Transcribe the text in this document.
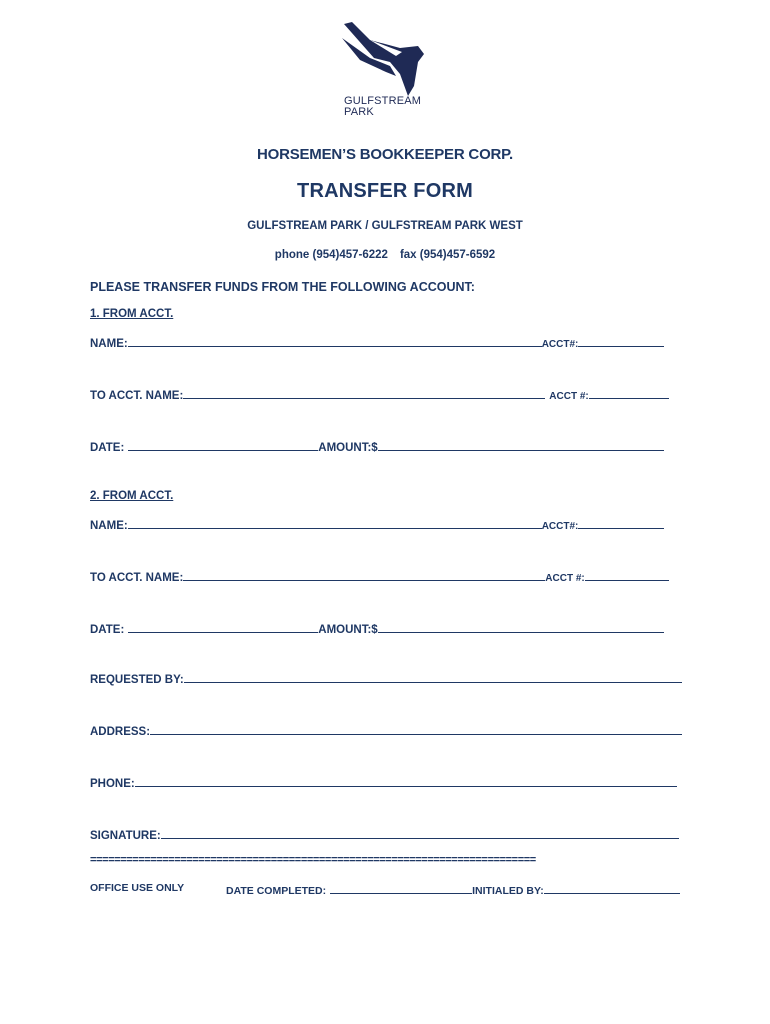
GULFSTREAM
PARK
HORSEMEN’S BOOKKEEPER CORP.
TRANSFER FORM
GULFSTREAM PARK / GULFSTREAM PARK WEST
phone (954)457-6222 fax (954)457-6592
PLEASE TRANSFER FUNDS FROM THE FOLLOWING ACCOUNT:
1. FROM ACCT.
NAME:	ACCT#:
TO ACCT. NAME:	ACCT #:
DATE:	AMOUNT:$
2. FROM ACCT.
NAME:	ACCT#:
TO ACCT. NAME:	ACCT #:
DATE:	AMOUNT:$
REQUESTED BY:
ADDRESS:
PHONE:
SIGNATURE:
==========================================================================
OFFICE USE ONLY	DATE COMPLETED:	INITIALED BY:
